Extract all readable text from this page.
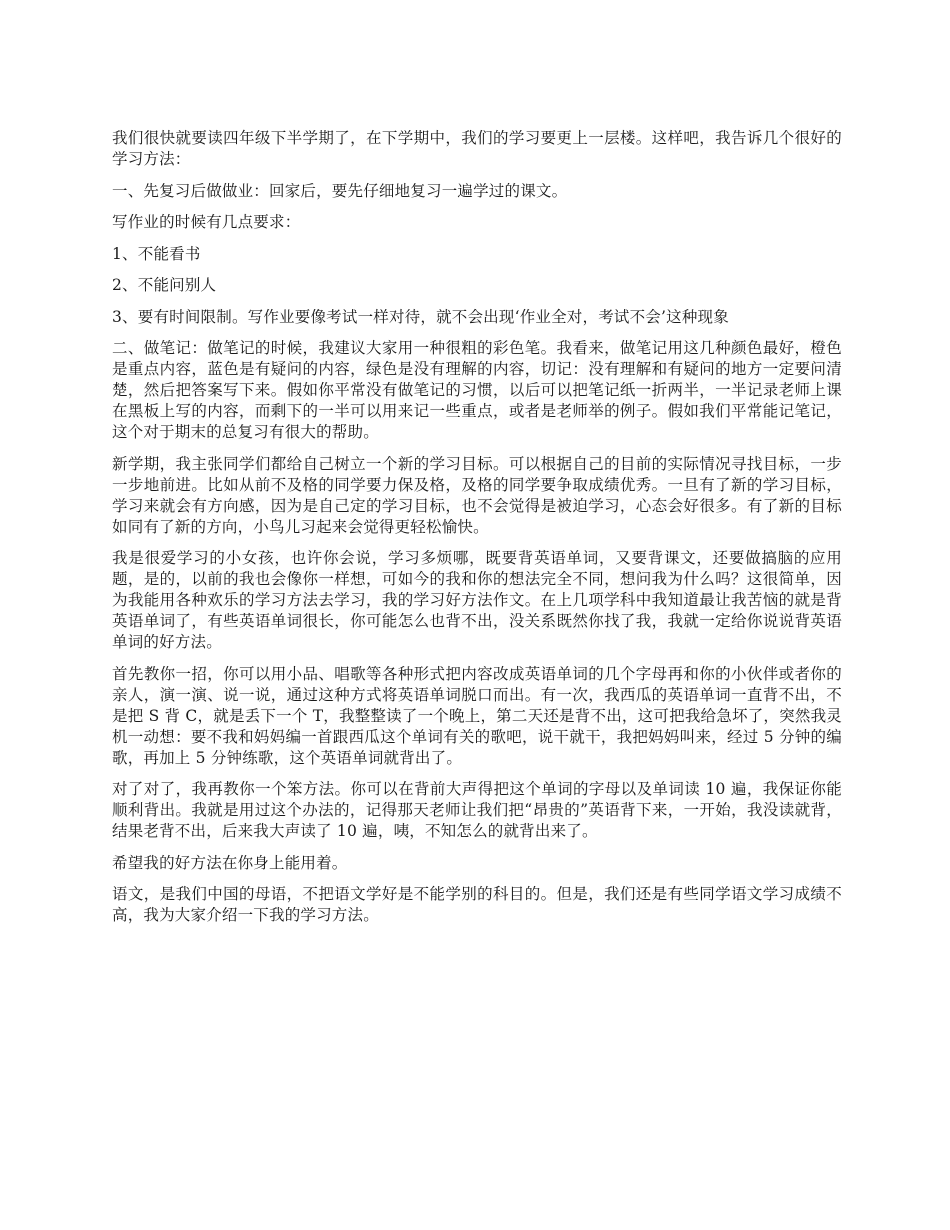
我们很快就要读四年级下半学期了，在下学期中，我们的学习要更上一层楼。这样吧，我告诉几个很好的学习方法：

一、先复习后做做业：回家后，要先仔细地复习一遍学过的课文。

写作业的时候有几点要求：

1、不能看书

2、不能问别人

3、要有时间限制。写作业要像考试一样对待，就不会出现‘作业全对，考试不会’这种现象

二、做笔记：做笔记的时候，我建议大家用一种很粗的彩色笔。我看来，做笔记用这几种颜色最好，橙色是重点内容，蓝色是有疑问的内容，绿色是没有理解的内容，切记：没有理解和有疑问的地方一定要问清楚，然后把答案写下来。假如你平常没有做笔记的习惯，以后可以把笔记纸一折两半，一半记录老师上课在黑板上写的内容，而剩下的一半可以用来记一些重点，或者是老师举的例子。假如我们平常能记笔记，这个对于期末的总复习有很大的帮助。

新学期，我主张同学们都给自己树立一个新的学习目标。可以根据自己的目前的实际情况寻找目标，一步一步地前进。比如从前不及格的同学要力保及格，及格的同学要争取成绩优秀。一旦有了新的学习目标，学习来就会有方向感，因为是自己定的学习目标，也不会觉得是被迫学习，心态会好很多。有了新的目标如同有了新的方向，小鸟儿习起来会觉得更轻松愉快。

我是很爱学习的小女孩，也许你会说，学习多烦哪，既要背英语单词，又要背课文，还要做搞脑的应用题，是的，以前的我也会像你一样想，可如今的我和你的想法完全不同，想问我为什么吗？这很简单，因为我能用各种欢乐的学习方法去学习，我的学习好方法作文。在上几项学科中我知道最让我苦恼的就是背英语单词了，有些英语单词很长，你可能怎么也背不出，没关系既然你找了我，我就一定给你说说背英语单词的好方法。

首先教你一招，你可以用小品、唱歌等各种形式把内容改成英语单词的几个字母再和你的小伙伴或者你的亲人，演一演、说一说，通过这种方式将英语单词脱口而出。有一次，我西瓜的英语单词一直背不出，不是把 S 背 C，就是丢下一个 T，我整整读了一个晚上，第二天还是背不出，这可把我给急坏了，突然我灵机一动想：要不我和妈妈编一首跟西瓜这个单词有关的歌吧，说干就干，我把妈妈叫来，经过 5 分钟的编歌，再加上 5 分钟练歌，这个英语单词就背出了。

对了对了，我再教你一个笨方法。你可以在背前大声得把这个单词的字母以及单词读 10 遍，我保证你能顺利背出。我就是用过这个办法的，记得那天老师让我们把“昂贵的”英语背下来，一开始，我没读就背，结果老背不出，后来我大声读了 10 遍，咦，不知怎么的就背出来了。

希望我的好方法在你身上能用着。

语文，是我们中国的母语，不把语文学好是不能学别的科目的。但是，我们还是有些同学语文学习成绩不高，我为大家介绍一下我的学习方法。
